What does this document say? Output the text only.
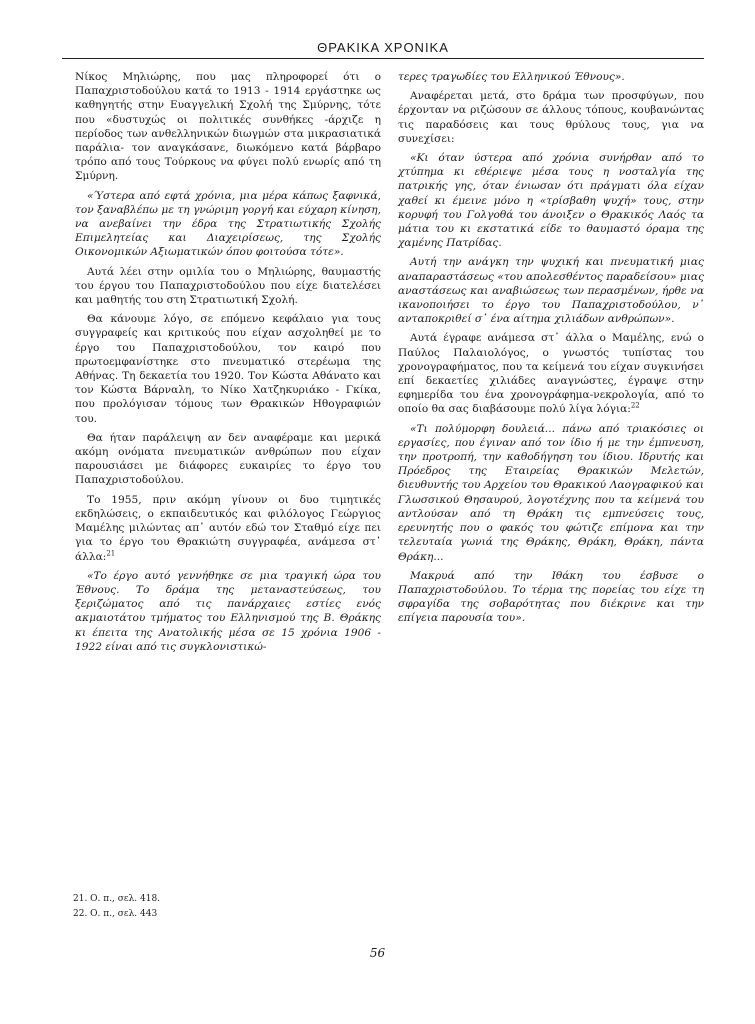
ΘΡΑΚΙΚΑ ΧΡΟΝΙΚΑ

Νίκος Μηλιώρης, που μας πληροφορεί ότι ο Παπαχριστοδούλου κατά το 1913 - 1914 εργάστηκε ως καθηγητής στην Ευαγγελική Σχολή της Σμύρνης, τότε που «δυστυχώς οι πολιτικές συνθήκες -άρχιζε η περίοδος των ανθελληνικών διωγμών στα μικρασιατικά παράλια- τον αναγκάσανε, διωκόμενο κατά βάρβαρο τρόπο από τους Τούρκους να φύγει πολύ ενωρίς από τη Σμύρνη.

«Ύστερα από εφτά χρόνια, μια μέρα κάπως ξαφνικά, τον ξαναβλέπω με τη γνώριμη γοργή και εύχαρη κίνηση, να ανεβαίνει την έδρα της Στρατιωτικής Σχολής Επιμελητείας και Διαχειρίσεως, της Σχολής Οικονομικών Αξιωματικών όπου φοιτούσα τότε».

Αυτά λέει στην ομιλία του ο Μηλιώρης, θαυμαστής του έργου του Παπαχριστοδούλου που είχε διατελέσει και μαθητής του στη Στρατιωτική Σχολή.

Θα κάνουμε λόγο, σε επόμενο κεφάλαιο για τους συγγραφείς και κριτικούς που είχαν ασχοληθεί με το έργο του Παπαχριστοδούλου, τον καιρό που πρωτοεμφανίστηκε στο πνευματικό στερέωμα της Αθήνας. Τη δεκαετία του 1920. Τον Κώστα Αθάνατο και τον Κώστα Βάρναλη, το Νίκο Χατζηκυριάκο - Γκίκα, που προλόγισαν τόμους των Θρακικών Ηθογραφιών του.

Θα ήταν παράλειψη αν δεν αναφέραμε και μερικά ακόμη ονόματα πνευματικών ανθρώπων που είχαν παρουσιάσει με διάφορες ευκαιρίες το έργο του Παπαχριστοδούλου.

Το 1955, πριν ακόμη γίνουν οι δυο τιμητικές εκδηλώσεις, ο εκπαιδευτικός και φιλόλογος Γεώργιος Μαμέλης μιλώντας απ᾽ αυτόν εδώ τον Σταθμό είχε πει για το έργο του Θρακιώτη συγγραφέα, ανάμεσα στ᾽ άλλα:$^{21}$

«Το έργο αυτό γεννήθηκε σε μια τραγική ώρα του Έθνους. Το δράμα της μεταναστεύσεως, του ξεριζώματος από τις πανάρχαιες εστίες ενός ακμαιοτάτου τμήματος του Ελληνισμού της Β. Θράκης κι έπειτα της Ανατολικής μέσα σε 15 χρόνια 1906 - 1922 είναι από τις συγκλονιστικώ-

τερες τραγωδίες του Ελληνικού Έθνους».

Αναφέρεται μετά, στο δράμα των προσφύγων, που έρχονταν να ριζώσουν σε άλλους τόπους, κουβανώντας τις παραδόσεις και τους θρύλους τους, για να συνεχίσει:

«Κι όταν ύστερα από χρόνια συνήρθαν από το χτύπημα κι εθέριεψε μέσα τους η νοσταλγία της πατρικής γης, όταν ένιωσαν ότι πράγματι όλα είχαν χαθεί κι έμεινε μόνο η «τρίσβαθη ψυχή» τους, στην κορυφή του Γολγοθά του άνοιξεν ο Θρακικός Λαός τα μάτια του κι εκστατικά είδε το θαυμαστό όραμα της χαμένης Πατρίδας.

Αυτή την ανάγκη την ψυχική και πνευματική μιας αναπαραστάσεως «του απολεσθέντος παραδείσου» μιας αναστάσεως και αναβιώσεως των περασμένων, ήρθε να ικανοποιήσει το έργο του Παπαχριστοδούλου, ν᾽ ανταποκριθεί σ᾽ ένα αίτημα χιλιάδων ανθρώπων».

Αυτά έγραφε ανάμεσα στ᾽ άλλα ο Μαμέλης, ενώ ο Παύλος Παλαιολόγος, ο γνωστός τυπίστας του χρονογραφήματος, που τα κείμενά του είχαν συγκινήσει επί δεκαετίες χιλιάδες αναγνώστες, έγραψε στην εφημερίδα του ένα χρονογράφημα-νεκρολογία, από το οποίο θα σας διαβάσουμε πολύ λίγα λόγια:$^{22}$

«Τι πολύμορφη δουλειά... πάνω από τριακόσιες οι εργασίες, που έγιναν από τον ίδιο ή με την έμπνευση, την προτροπή, την καθοδήγηση του ίδιου. Ιδρυτής και Πρόεδρος της Εταιρείας Θρακικών Μελετών, διευθυντής του Αρχείου του Θρακικού Λαογραφικού και Γλωσσικού Θησαυρού, λογοτέχνης που τα κείμενά του αντλούσαν από τη Θράκη τις εμπνεύσεις τους, ερευνητής που ο φακός του φώτιζε επίμονα και την τελευταία γωνιά της Θράκης, Θράκη, Θράκη, πάντα Θράκη...

Μακρυά από την Ιθάκη του έσβυσε ο Παπαχριστοδούλου. Το τέρμα της πορείας του είχε τη σφραγίδα της σοβαρότητας που διέκρινε και την επίγεια παρουσία του».

21. Ο. π., σελ. 418.

22. Ο. π., σελ. 443

56
